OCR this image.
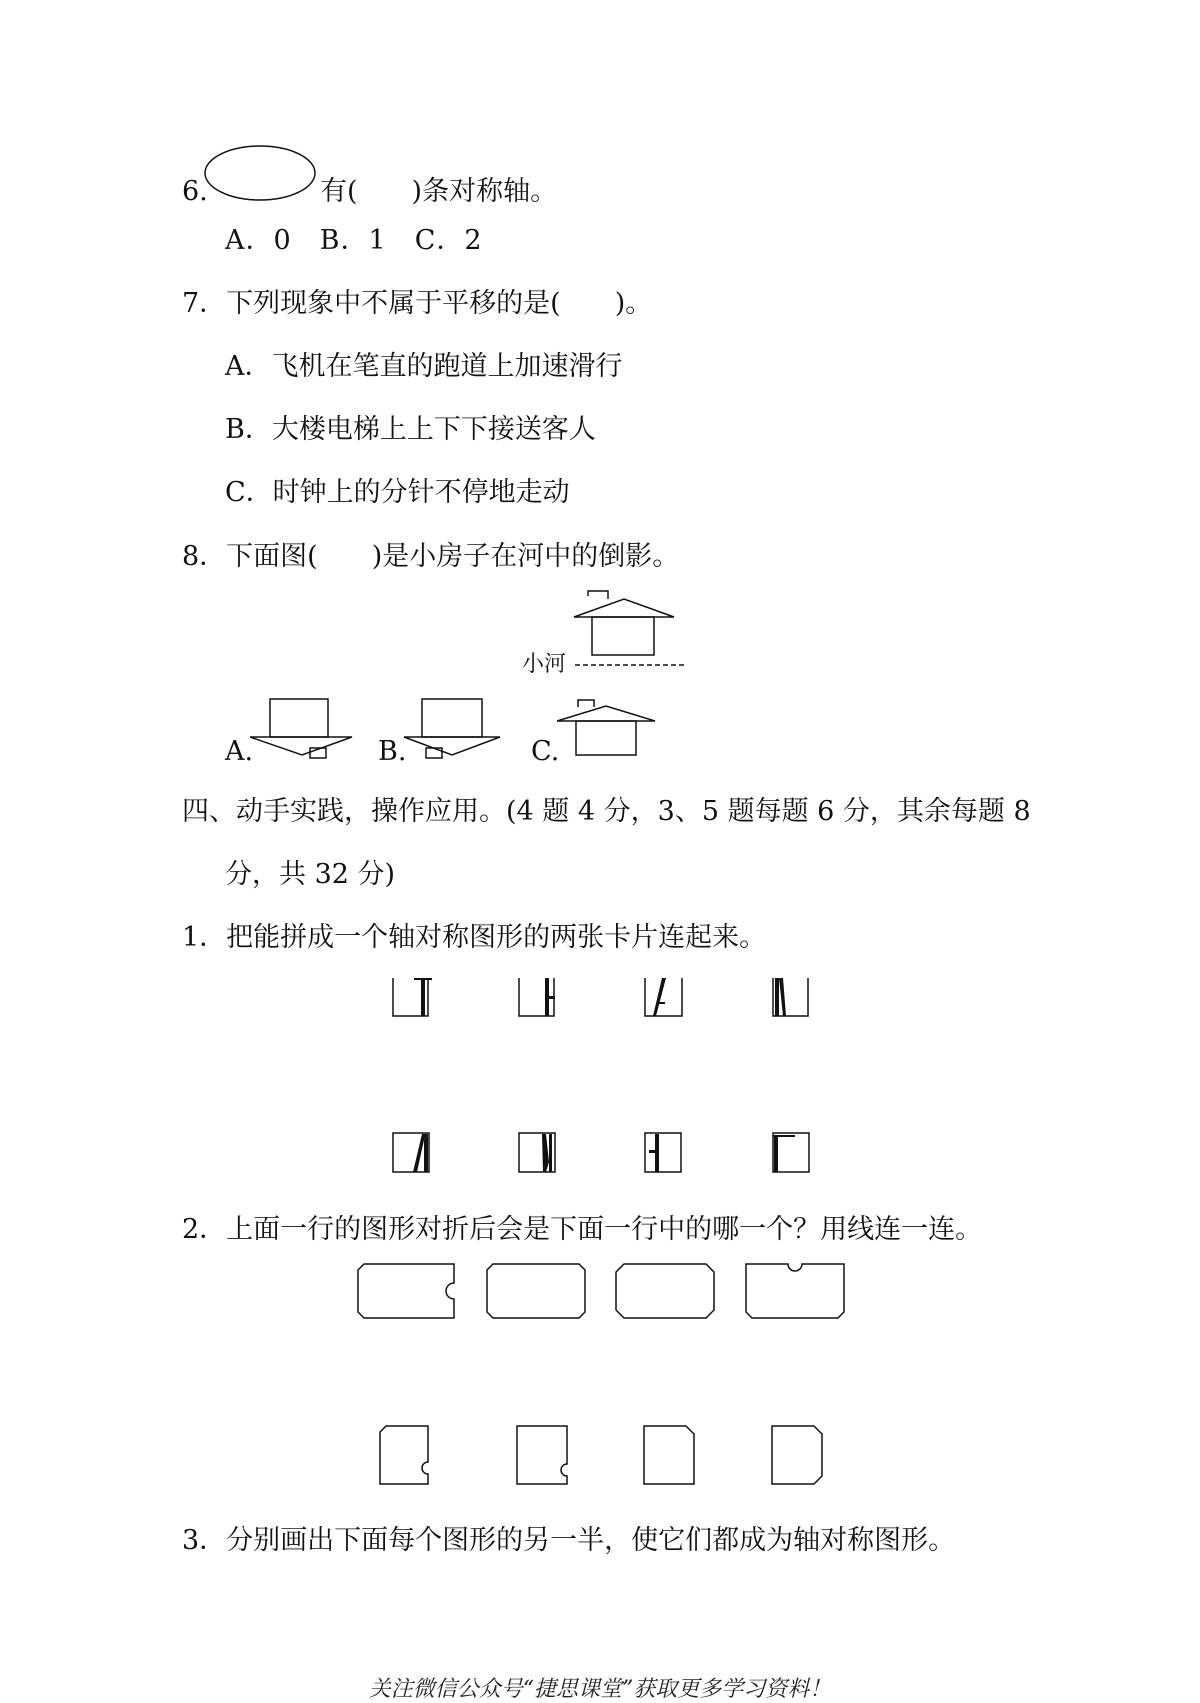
6.	有(　　)条对称轴。
A．0　B．1　C．2
7．下列现象中不属于平移的是(　　)。
A．飞机在笔直的跑道上加速滑行
B．大楼电梯上上下下接送客人
C．时钟上的分针不停地走动
8．下面图(　　)是小房子在河中的倒影。
小河
A.	B.	C.
四、动手实践，操作应用。(4 题 4 分，3、5 题每题 6 分，其余每题 8
分，共 32 分)
1．把能拼成一个轴对称图形的两张卡片连起来。
2．上面一行的图形对折后会是下面一行中的哪一个？用线连一连。
3．分别画出下面每个图形的另一半，使它们都成为轴对称图形。
关注微信公众号“捷思课堂”获取更多学习资料！
